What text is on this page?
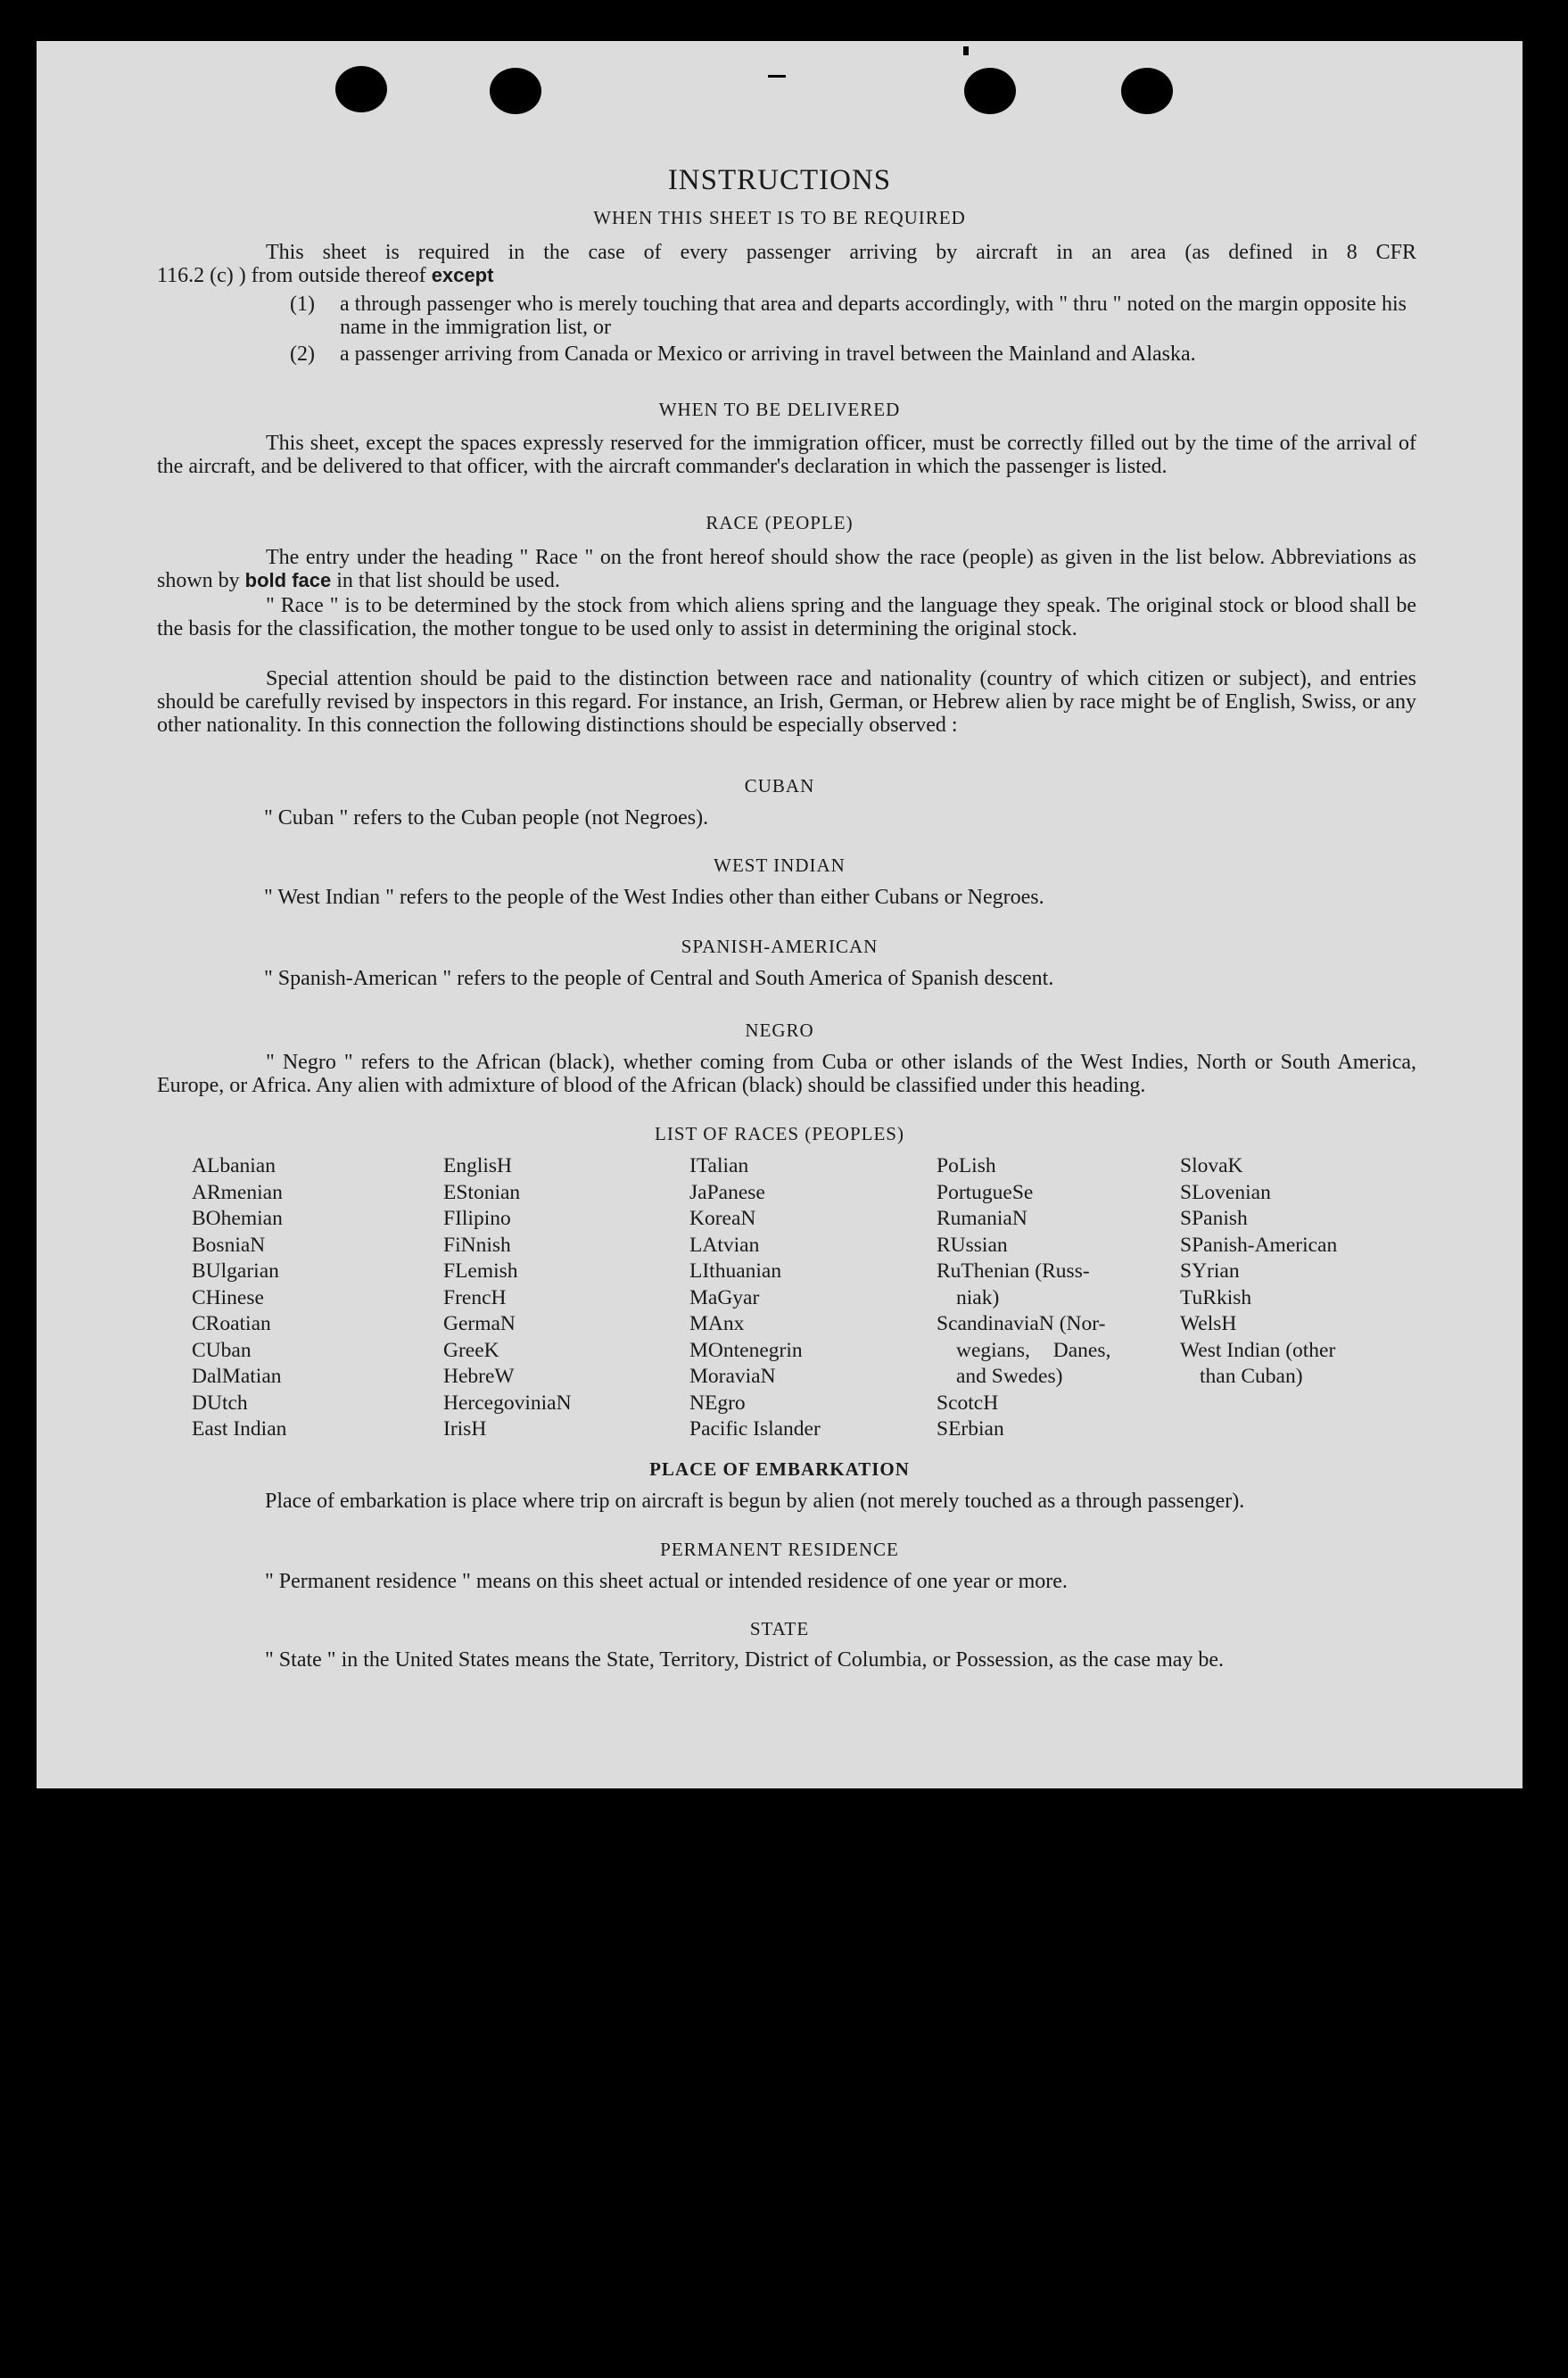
INSTRUCTIONS
WHEN THIS SHEET IS TO BE REQUIRED
This sheet is required in the case of every passenger arriving by aircraft in an area (as defined in 8 CFR
116.2 (c) ) from outside thereof except
(1) a through passenger who is merely touching that area and departs accordingly, with " thru " noted on the margin opposite his name in the immigration list, or
(2) a passenger arriving from Canada or Mexico or arriving in travel between the Mainland and Alaska.
WHEN TO BE DELIVERED
This sheet, except the spaces expressly reserved for the immigration officer, must be correctly filled out by the time of the arrival of the aircraft, and be delivered to that officer, with the aircraft commander's declaration in which the passenger is listed.
RACE (PEOPLE)
The entry under the heading " Race " on the front hereof should show the race (people) as given in the list below. Abbreviations as shown by bold face in that list should be used.
" Race " is to be determined by the stock from which aliens spring and the language they speak. The original stock or blood shall be the basis for the classification, the mother tongue to be used only to assist in determining the original stock.
Special attention should be paid to the distinction between race and nationality (country of which citizen or subject), and entries should be carefully revised by inspectors in this regard. For instance, an Irish, German, or Hebrew alien by race might be of English, Swiss, or any other nationality. In this connection the following distinctions should be especially observed :
CUBAN
" Cuban " refers to the Cuban people (not Negroes).
WEST INDIAN
" West Indian " refers to the people of the West Indies other than either Cubans or Negroes.
SPANISH-AMERICAN
" Spanish-American " refers to the people of Central and South America of Spanish descent.
NEGRO
" Negro " refers to the African (black), whether coming from Cuba or other islands of the West Indies, North or South America, Europe, or Africa. Any alien with admixture of blood of the African (black) should be classified under this heading.
LIST OF RACES (PEOPLES)
ALbanian
ARmenian
BOhemian
BosniaN
BUlgarian
CHinese
CRoatian
CUban
DalMatian
DUtch
East Indian
EnglisH
EStonian
FIlipino
FiNnish
FLemish
FrencH
GermaN
GreeK
HebreW
HercegoviniaN
IrisH
ITalian
JaPanese
KoreaN
LAtvian
LIthuanian
MaGyar
MAnx
MOntenegrin
MoraviaN
NEgro
Pacific Islander
PoLish
PortugueSe
RumaniaN
RUssian
RuThenian (Russ-
niak)
ScandinaviaN (Nor-
wegians, Danes,
and Swedes)
ScotcH
SErbian
SlovaK
SLovenian
SPanish
SPanish-American
SYrian
TuRkish
WelsH
West Indian (other
than Cuban)
PLACE OF EMBARKATION
Place of embarkation is place where trip on aircraft is begun by alien (not merely touched as a through passenger).
PERMANENT RESIDENCE
" Permanent residence " means on this sheet actual or intended residence of one year or more.
STATE
" State " in the United States means the State, Territory, District of Columbia, or Possession, as the case may be.
